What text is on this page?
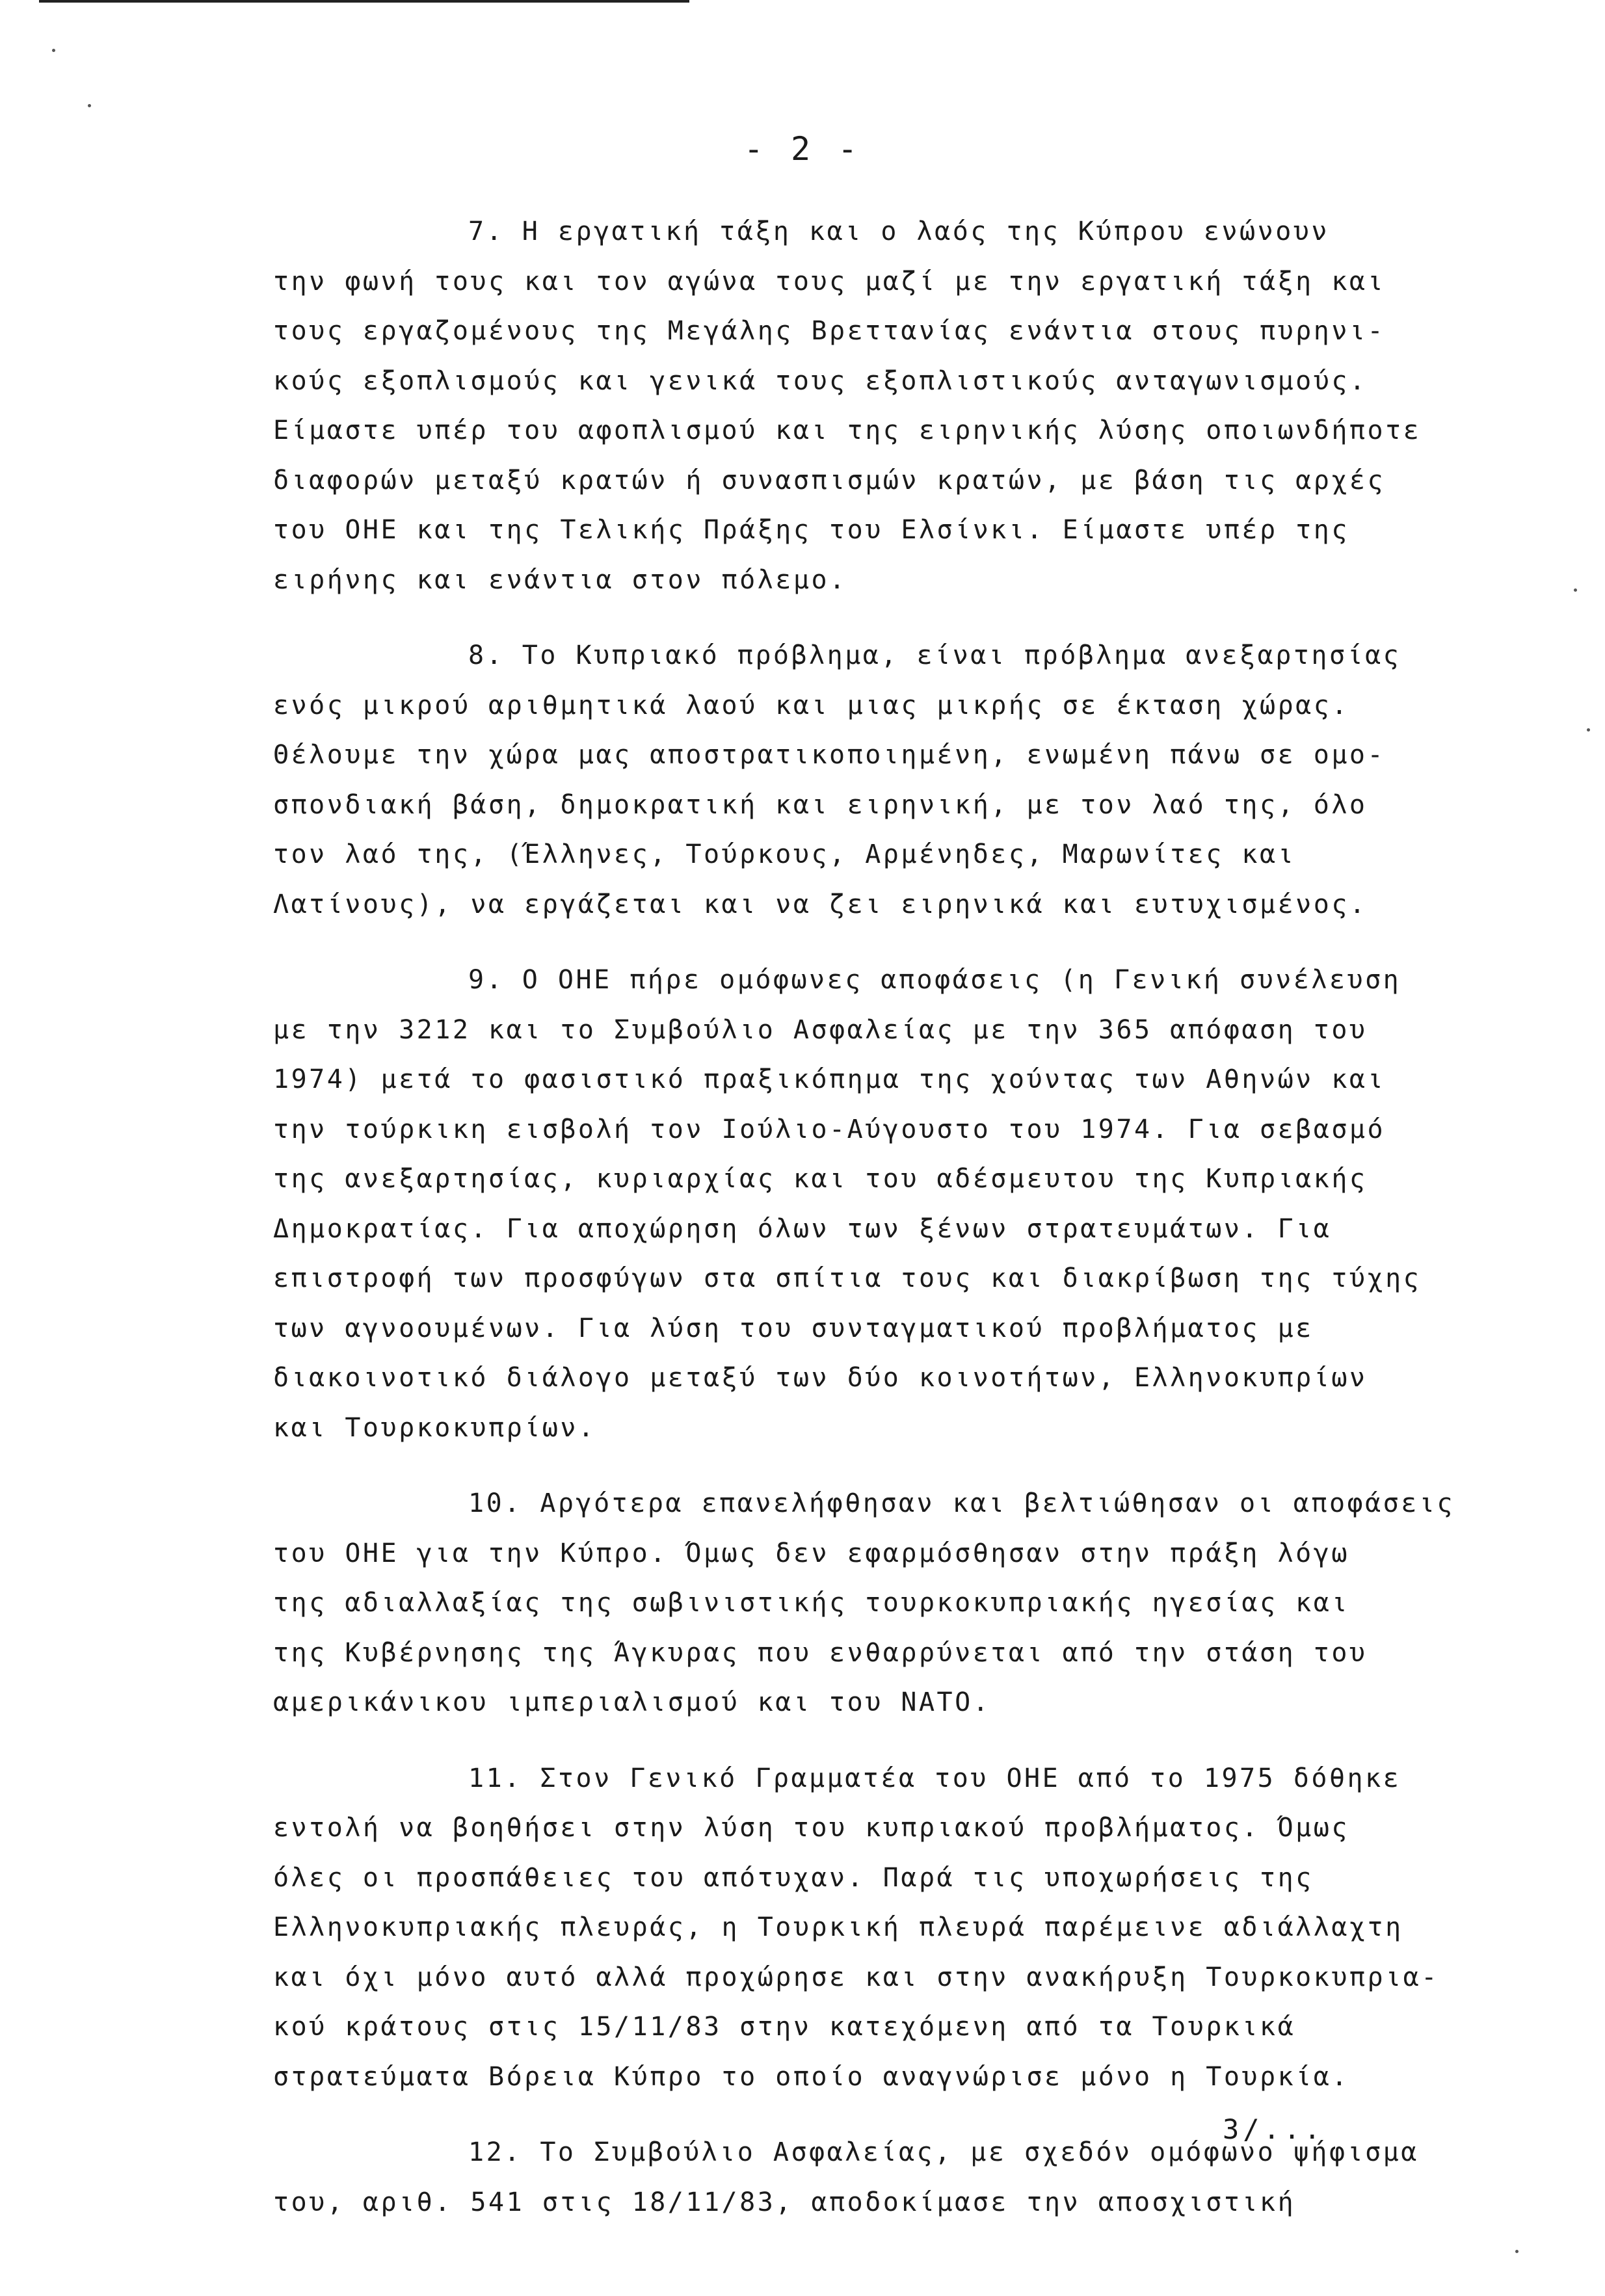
- 2 -
7. Η εργατική τάξη και ο λαός της Κύπρου ενώνουν
την φωνή τους και τον αγώνα τους μαζί με την εργατική τάξη και
τους εργαζομένους της Μεγάλης Βρεττανίας ενάντια στους πυρηνι-
κούς εξοπλισμούς και γενικά τους εξοπλιστικούς ανταγωνισμούς.
Είμαστε υπέρ του αφοπλισμού και της ειρηνικής λύσης οποιωνδήποτε
διαφορών μεταξύ κρατών ή συνασπισμών κρατών, με βάση τις αρχές
του ΟΗΕ και της Τελικής Πράξης του Ελσίνκι. Είμαστε υπέρ της
ειρήνης και ενάντια στον πόλεμο.
8. Το Κυπριακό πρόβλημα, είναι πρόβλημα ανεξαρτησίας
ενός μικρού αριθμητικά λαού και μιας μικρής σε έκταση χώρας.
Θέλουμε την χώρα μας αποστρατικοποιημένη, ενωμένη πάνω σε ομο-
σπονδιακή βάση, δημοκρατική και ειρηνική, με τον λαό της, όλο
τον λαό της, (Έλληνες, Τούρκους, Αρμένηδες, Μαρωνίτες και
Λατίνους), να εργάζεται και να ζει ειρηνικά και ευτυχισμένος.
9. Ο ΟΗΕ πήρε ομόφωνες αποφάσεις (η Γενική συνέλευση
με την 3212 και το Συμβούλιο Ασφαλείας με την 365 απόφαση του
1974) μετά το φασιστικό πραξικόπημα της χούντας των Αθηνών και
την τούρκικη εισβολή τον Ιούλιο-Αύγουστο του 1974. Για σεβασμό
της ανεξαρτησίας, κυριαρχίας και του αδέσμευτου της Κυπριακής
Δημοκρατίας. Για αποχώρηση όλων των ξένων στρατευμάτων. Για
επιστροφή των προσφύγων στα σπίτια τους και διακρίβωση της τύχης
των αγνοουμένων. Για λύση του συνταγματικού προβλήματος με
διακοινοτικό διάλογο μεταξύ των δύο κοινοτήτων, Ελληνοκυπρίων
και Τουρκοκυπρίων.
10. Αργότερα επανελήφθησαν και βελτιώθησαν οι αποφάσεις
του ΟΗΕ για την Κύπρο. Όμως δεν εφαρμόσθησαν στην πράξη λόγω
της αδιαλλαξίας της σωβινιστικής τουρκοκυπριακής ηγεσίας και
της Κυβέρνησης της Άγκυρας που ενθαρρύνεται από την στάση του
αμερικάνικου ιμπεριαλισμού και του ΝΑΤΟ.
11. Στον Γενικό Γραμματέα του ΟΗΕ από το 1975 δόθηκε
εντολή να βοηθήσει στην λύση του κυπριακού προβλήματος. Όμως
όλες οι προσπάθειες του απότυχαν. Παρά τις υποχωρήσεις της
Ελληνοκυπριακής πλευράς, η Τουρκική πλευρά παρέμεινε αδιάλλαχτη
και όχι μόνο αυτό αλλά προχώρησε και στην ανακήρυξη Τουρκοκυπρια-
κού κράτους στις 15/11/83 στην κατεχόμενη από τα Τουρκικά
στρατεύματα Βόρεια Κύπρο το οποίο αναγνώρισε μόνο η Τουρκία.
12. Το Συμβούλιο Ασφαλείας, με σχεδόν ομόφωνο ψήφισμα
του, αριθ. 541 στις 18/11/83, αποδοκίμασε την αποσχιστική
3/...
